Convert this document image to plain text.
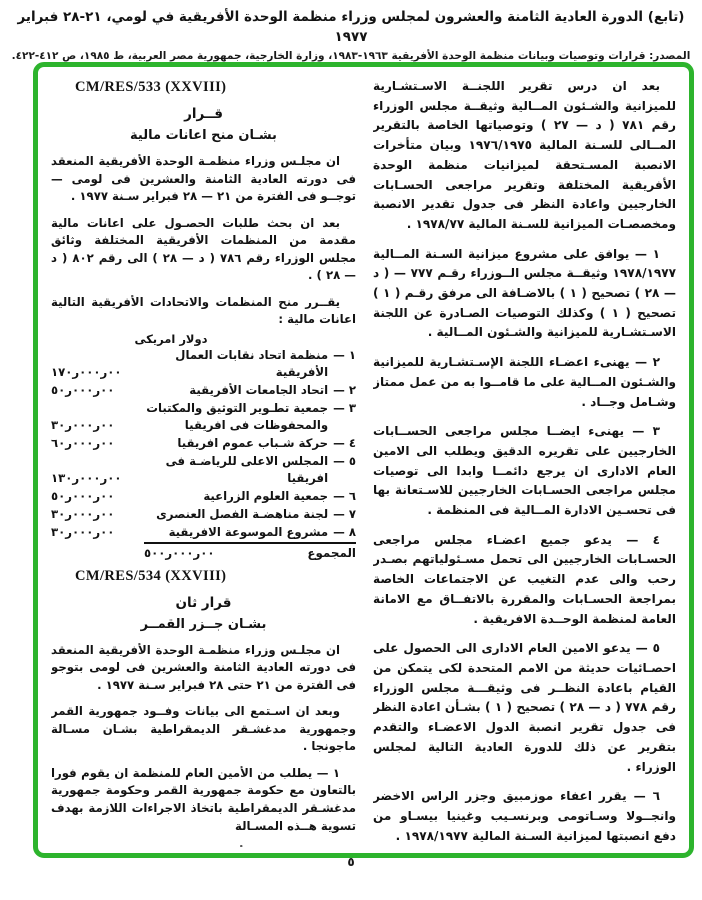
(تابع) الدورة العادية الثامنة والعشرون لمجلس وزراء منظمة الوحدة الأفريقية في لومي، ٢١-٢٨ فبراير ١٩٧٧
المصدر: قرارات وتوصيات وبيانات منظمة الوحدة الأفريقية ١٩٦٣-١٩٨٣، وزارة الخارجية، جمهورية مصر العربية، ط ١٩٨٥، ص ٤١٢-٤٢٢.

بعد ان درس تقرير اللجنــة الاسـتشـارية للميزانية والشـئون المــالية وثيقــة مجلس الوزراء رقم ٧٨١ ( د — ٢٧ ) وتوصياتها الخاصة بالتقرير المــالى للسـنة المالية ١٩٧٦/١٩٧٥ وبيان متأخرات الانصبة المسـتحقة لميزانيات منظمة الوحدة الأفريقية المختلفة وتقرير مراجعى الحسـابات الخارجيين واعادة النظر فى جدول تقدير الانصبة ومخصصـات الميزانية للسـنة المالية ١٩٧٨/٧٧ .

١ — يوافق على مشروع ميزانية السـنة المــالية ١٩٧٨/١٩٧٧ وثيقــة مجلس الــوزراء رقـم ٧٧٧ — ( د — ٢٨ ) تصحيح ( ١ ) بالاضـافة الى مرفق رقـم ( ١ ) تصحيح ( ١ ) وكذلك التوصيات الصـادرة عن اللجنة الاسـتشـارية للميزانية والشـئون المــالية .

٢ — يهنىء اعضـاء اللجنة الإسـتشـارية للميزانية والشـئون المــالية على ما قامــوا به من عمل ممتاز وشـامل وجــاد .

٣ — يهنىء ايضــا مجلس مراجعى الحســابات الخارجيين على تقريره الدقيق ويطلب الى الامين العام الادارى ان يرجع دائمــا وابدا الى توصيات مجلس مراجعى الحسـابات الخارجيين للاسـتعانة بها فى تحسـين الادارة المــالية فى المنظمة .

٤ — يدعو جميع اعضـاء مجلس مراجعى الحسـابات الخارجيين الى تحمل مسـئولياتهم بصـدر رحب والى عدم التغيب عن الاجتماعات الخاصة بمراجعة الحسـابات والمقررة بالاتفــاق مع الامانة العامة لمنظمة الوحــدة الافريقية .

٥ — يدعو الامين العام الادارى الى الحصول على احصـائيات حديثة من الامم المتحدة لكى يتمكن من القيام باعادة النظــر فى وثيقـــة مجلس الوزراء رقم ٧٧٨ ( د — ٢٨ ) تصحيح ( ١ ) بشـأن اعادة النظر فى جدول تقرير انصبة الدول الاعضـاء والتقدم بتقرير عن ذلك للدورة العادية التالية لمجلس الوزراء .

٦ — يقرر اعفاء موزمبيق وجزر الراس الاخضر وانجــولا وسـاتومى وبرنسـيب وغينيا بيسـاو من دفع انصبتها لميزانية السـنة المالية ١٩٧٨/١٩٧٧ .

CM/RES/533 (XXVIII)
قــرار
بشـان منح اعانات مالية

ان مجلـس وزراء منظمـة الوحدة الأفريقية المنعقد فى دورته العادية الثامنة والعشرين فى لومى — توجــو فى الفترة من ٢١ — ٢٨ فبراير سـنة ١٩٧٧ .

بعد ان بحث طلبات الحصـول على اعانات مالية مقدمة من المنظمات الأفريقية المختلفة وثائق مجلس الوزراء رقم ٧٨٦ ( د — ٢٨ ) الى رقم ٨٠٢ ( د — ٢٨ ) .

يقــرر منح المنظمات والاتحادات الأفريقية التالية اعانات مالية :

دولار امريكى
١ —
منظمة اتحاد نقابات العمال الأفريقية
١٧٠ر٠٠٠ر٠٠
٢ —
اتحاد الجامعات الأفريقية
٥٠ر٠٠٠ر٠٠
٣ —
جمعية تطـوير التوثيق والمكتبات والمحفوظات فى افريقيا
٣٠ر٠٠٠ر٠٠
٤ —
حركة شـباب عموم افريقيا
٦٠ر٠٠٠ر٠٠
٥ —
المجلس الاعلى للرياضـة فى افريقيا
١٣٠ر٠٠٠ر٠٠
٦ —
جمعية العلوم الزراعية
٥٠ر٠٠٠ر٠٠
٧ —
لجنة مناهضـة الفصل العنصرى
٣٠ر٠٠٠ر٠٠
٨ —
مشروع الموسوعة الافريقية
٣٠ر٠٠٠ر٠٠
المجموع
٥٠٠ر٠٠٠ر٠٠
CM/RES/534 (XXVIII)
قرار ثان
بشـان جــزر القمــر

ان مجلـس وزراء منظمـة الوحدة الأفريقية المنعقد فى دورته العادية الثامنة والعشرين فى لومى بتوجو فى الفترة من ٢١ حتى ٢٨ فبراير سـنة ١٩٧٧ .

وبعد ان اسـتمع الى بيانات وفــود جمهورية القمر وجمهورية مدغشـقر الديمقراطية بشـان مسـالة ماجونجا .

١ — يطلب من الأمين العام للمنظمة ان يقوم فورا بالتعاون مع حكومة جمهورية القمر وحكومة جمهورية مدغشـقر الديمقراطية باتخاذ الاجراءات اللازمة بهدف تسوية هــذه المسـالة

٥
